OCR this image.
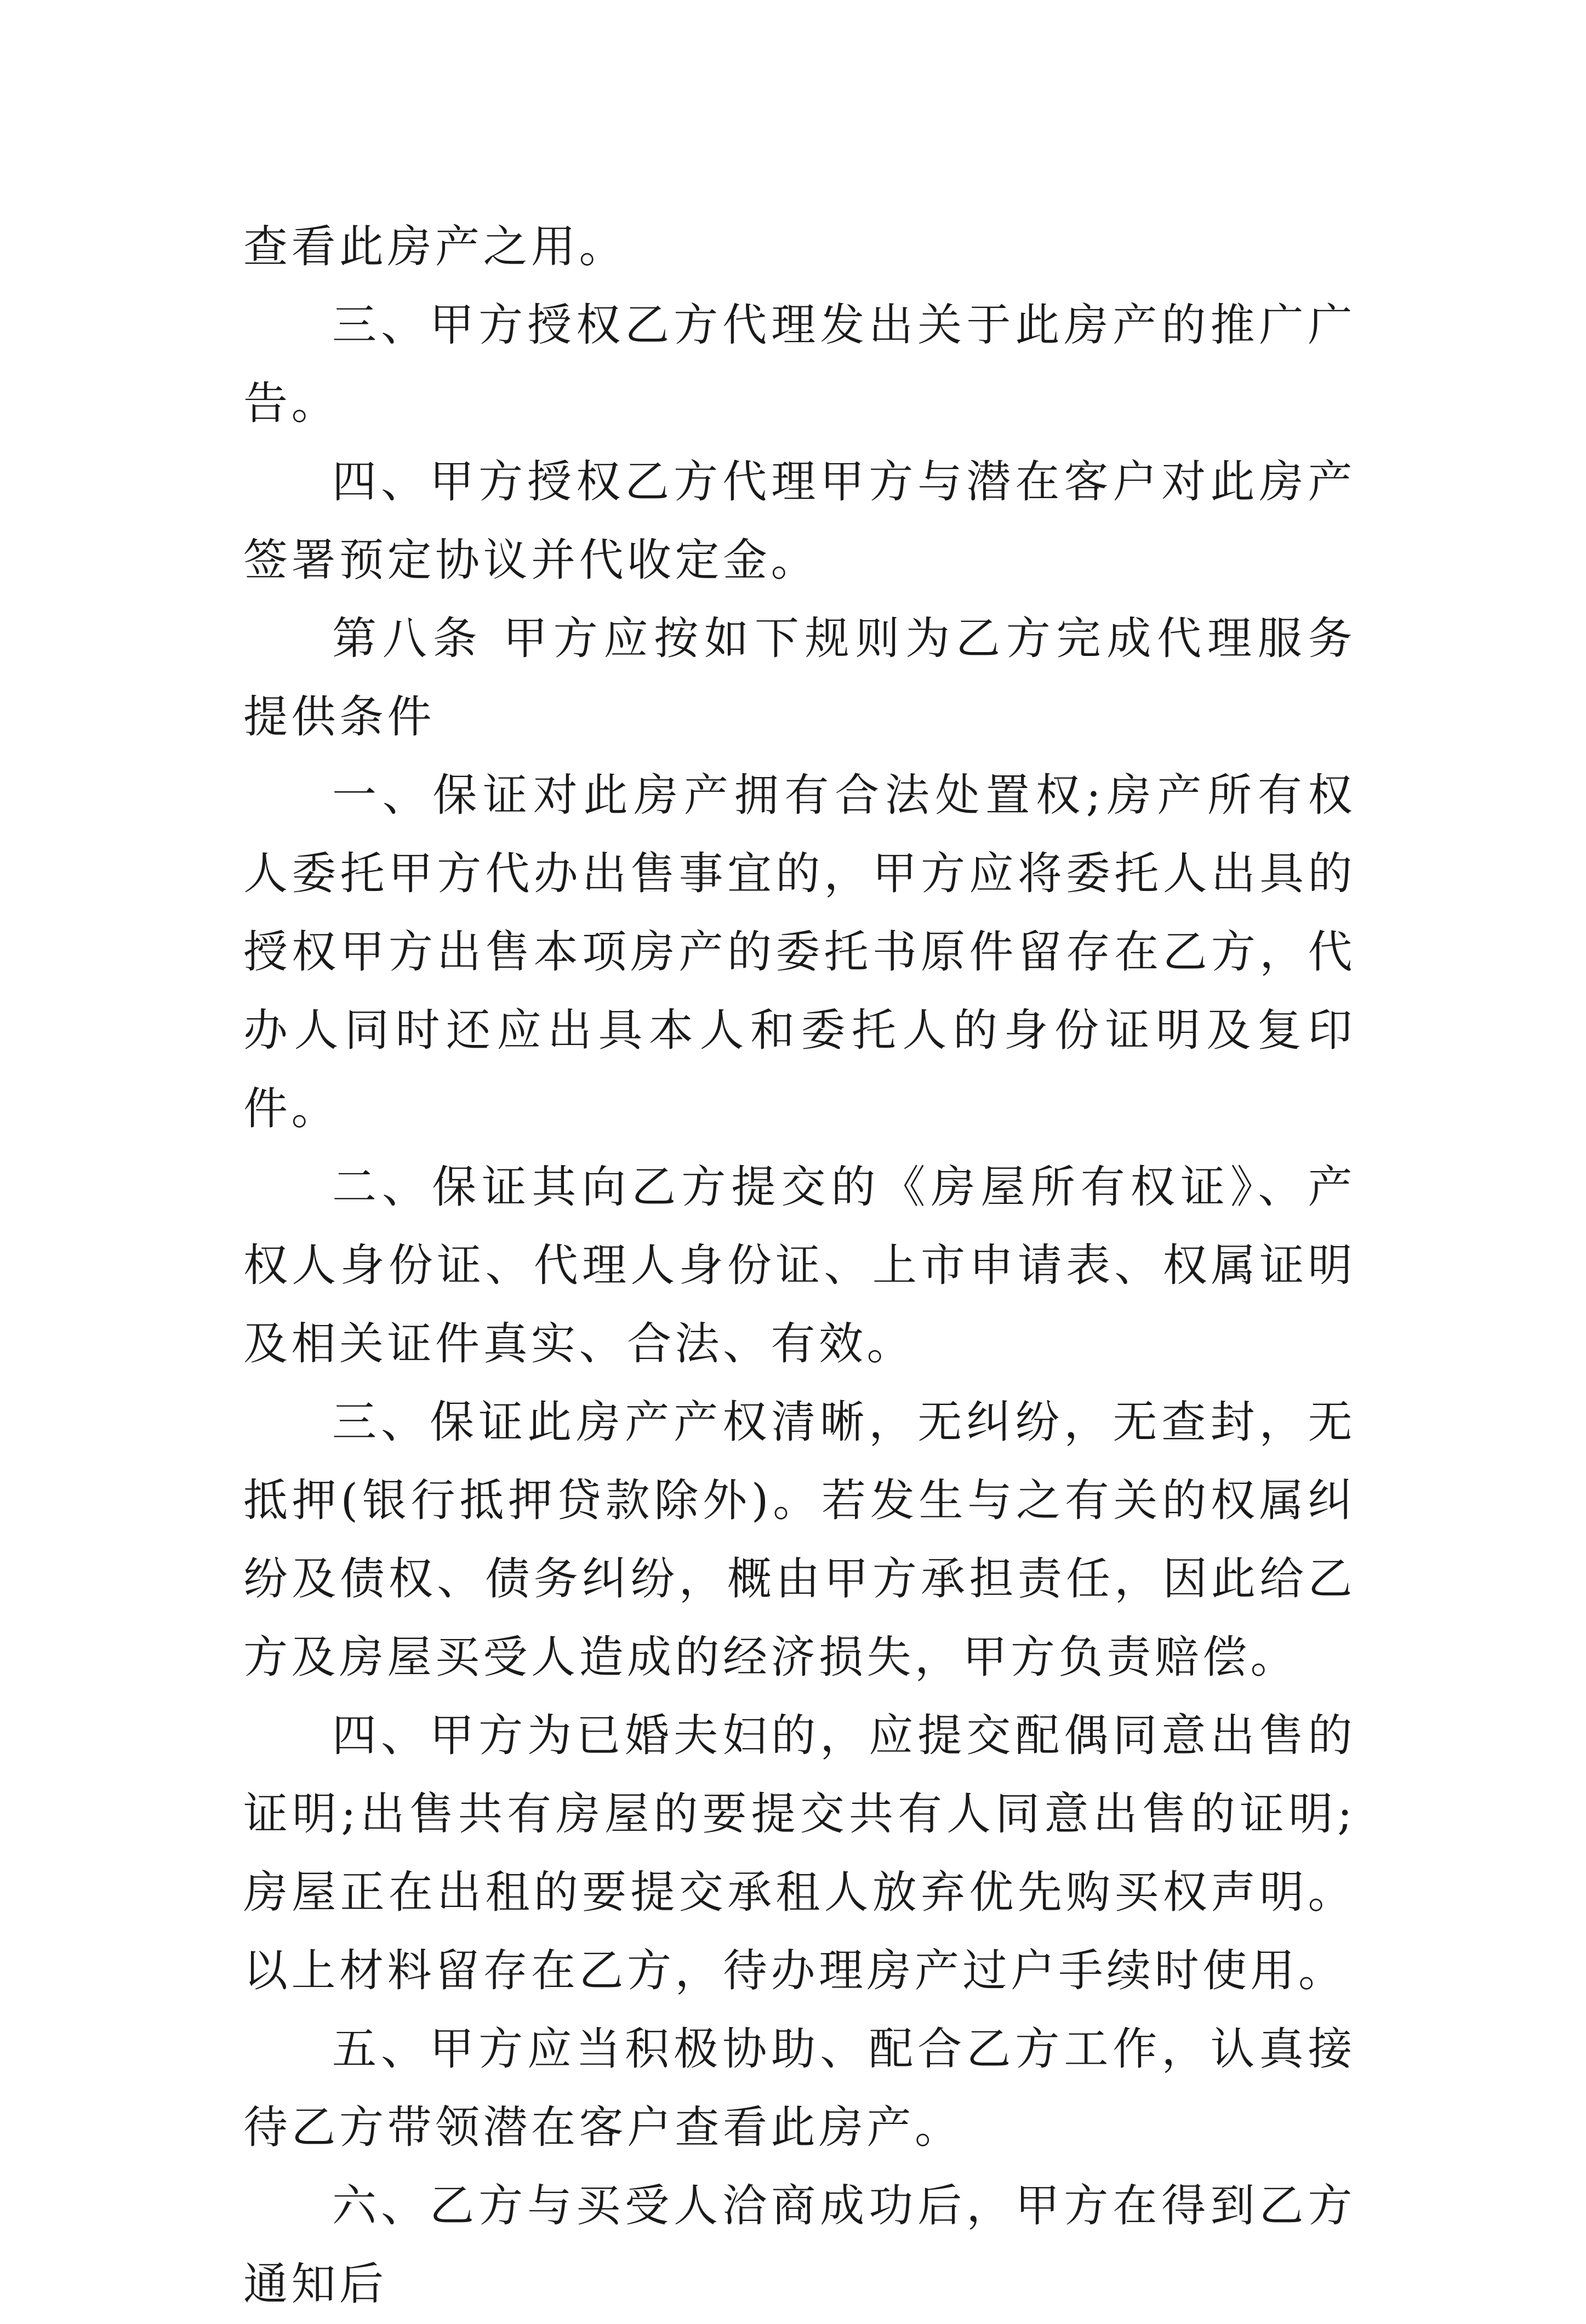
查看此房产之用。

三、甲方授权乙方代理发出关于此房产的推广广告。

四、甲方授权乙方代理甲方与潜在客户对此房产签署预定协议并代收定金。

第八条 甲方应按如下规则为乙方完成代理服务提供条件

一、保证对此房产拥有合法处置权;房产所有权人委托甲方代办出售事宜的，甲方应将委托人出具的授权甲方出售本项房产的委托书原件留存在乙方，代办人同时还应出具本人和委托人的身份证明及复印件。

二、保证其向乙方提交的《房屋所有权证》、产权人身份证、代理人身份证、上市申请表、权属证明及相关证件真实、合法、有效。

三、保证此房产产权清晰，无纠纷，无查封，无抵押(银行抵押贷款除外)。若发生与之有关的权属纠纷及债权、债务纠纷，概由甲方承担责任，因此给乙方及房屋买受人造成的经济损失，甲方负责赔偿。

四、甲方为已婚夫妇的，应提交配偶同意出售的证明;出售共有房屋的要提交共有人同意出售的证明;房屋正在出租的要提交承租人放弃优先购买权声明。以上材料留存在乙方，待办理房产过户手续时使用。

五、甲方应当积极协助、配合乙方工作，认真接待乙方带领潜在客户查看此房产。

六、乙方与买受人洽商成功后，甲方在得到乙方通知后
